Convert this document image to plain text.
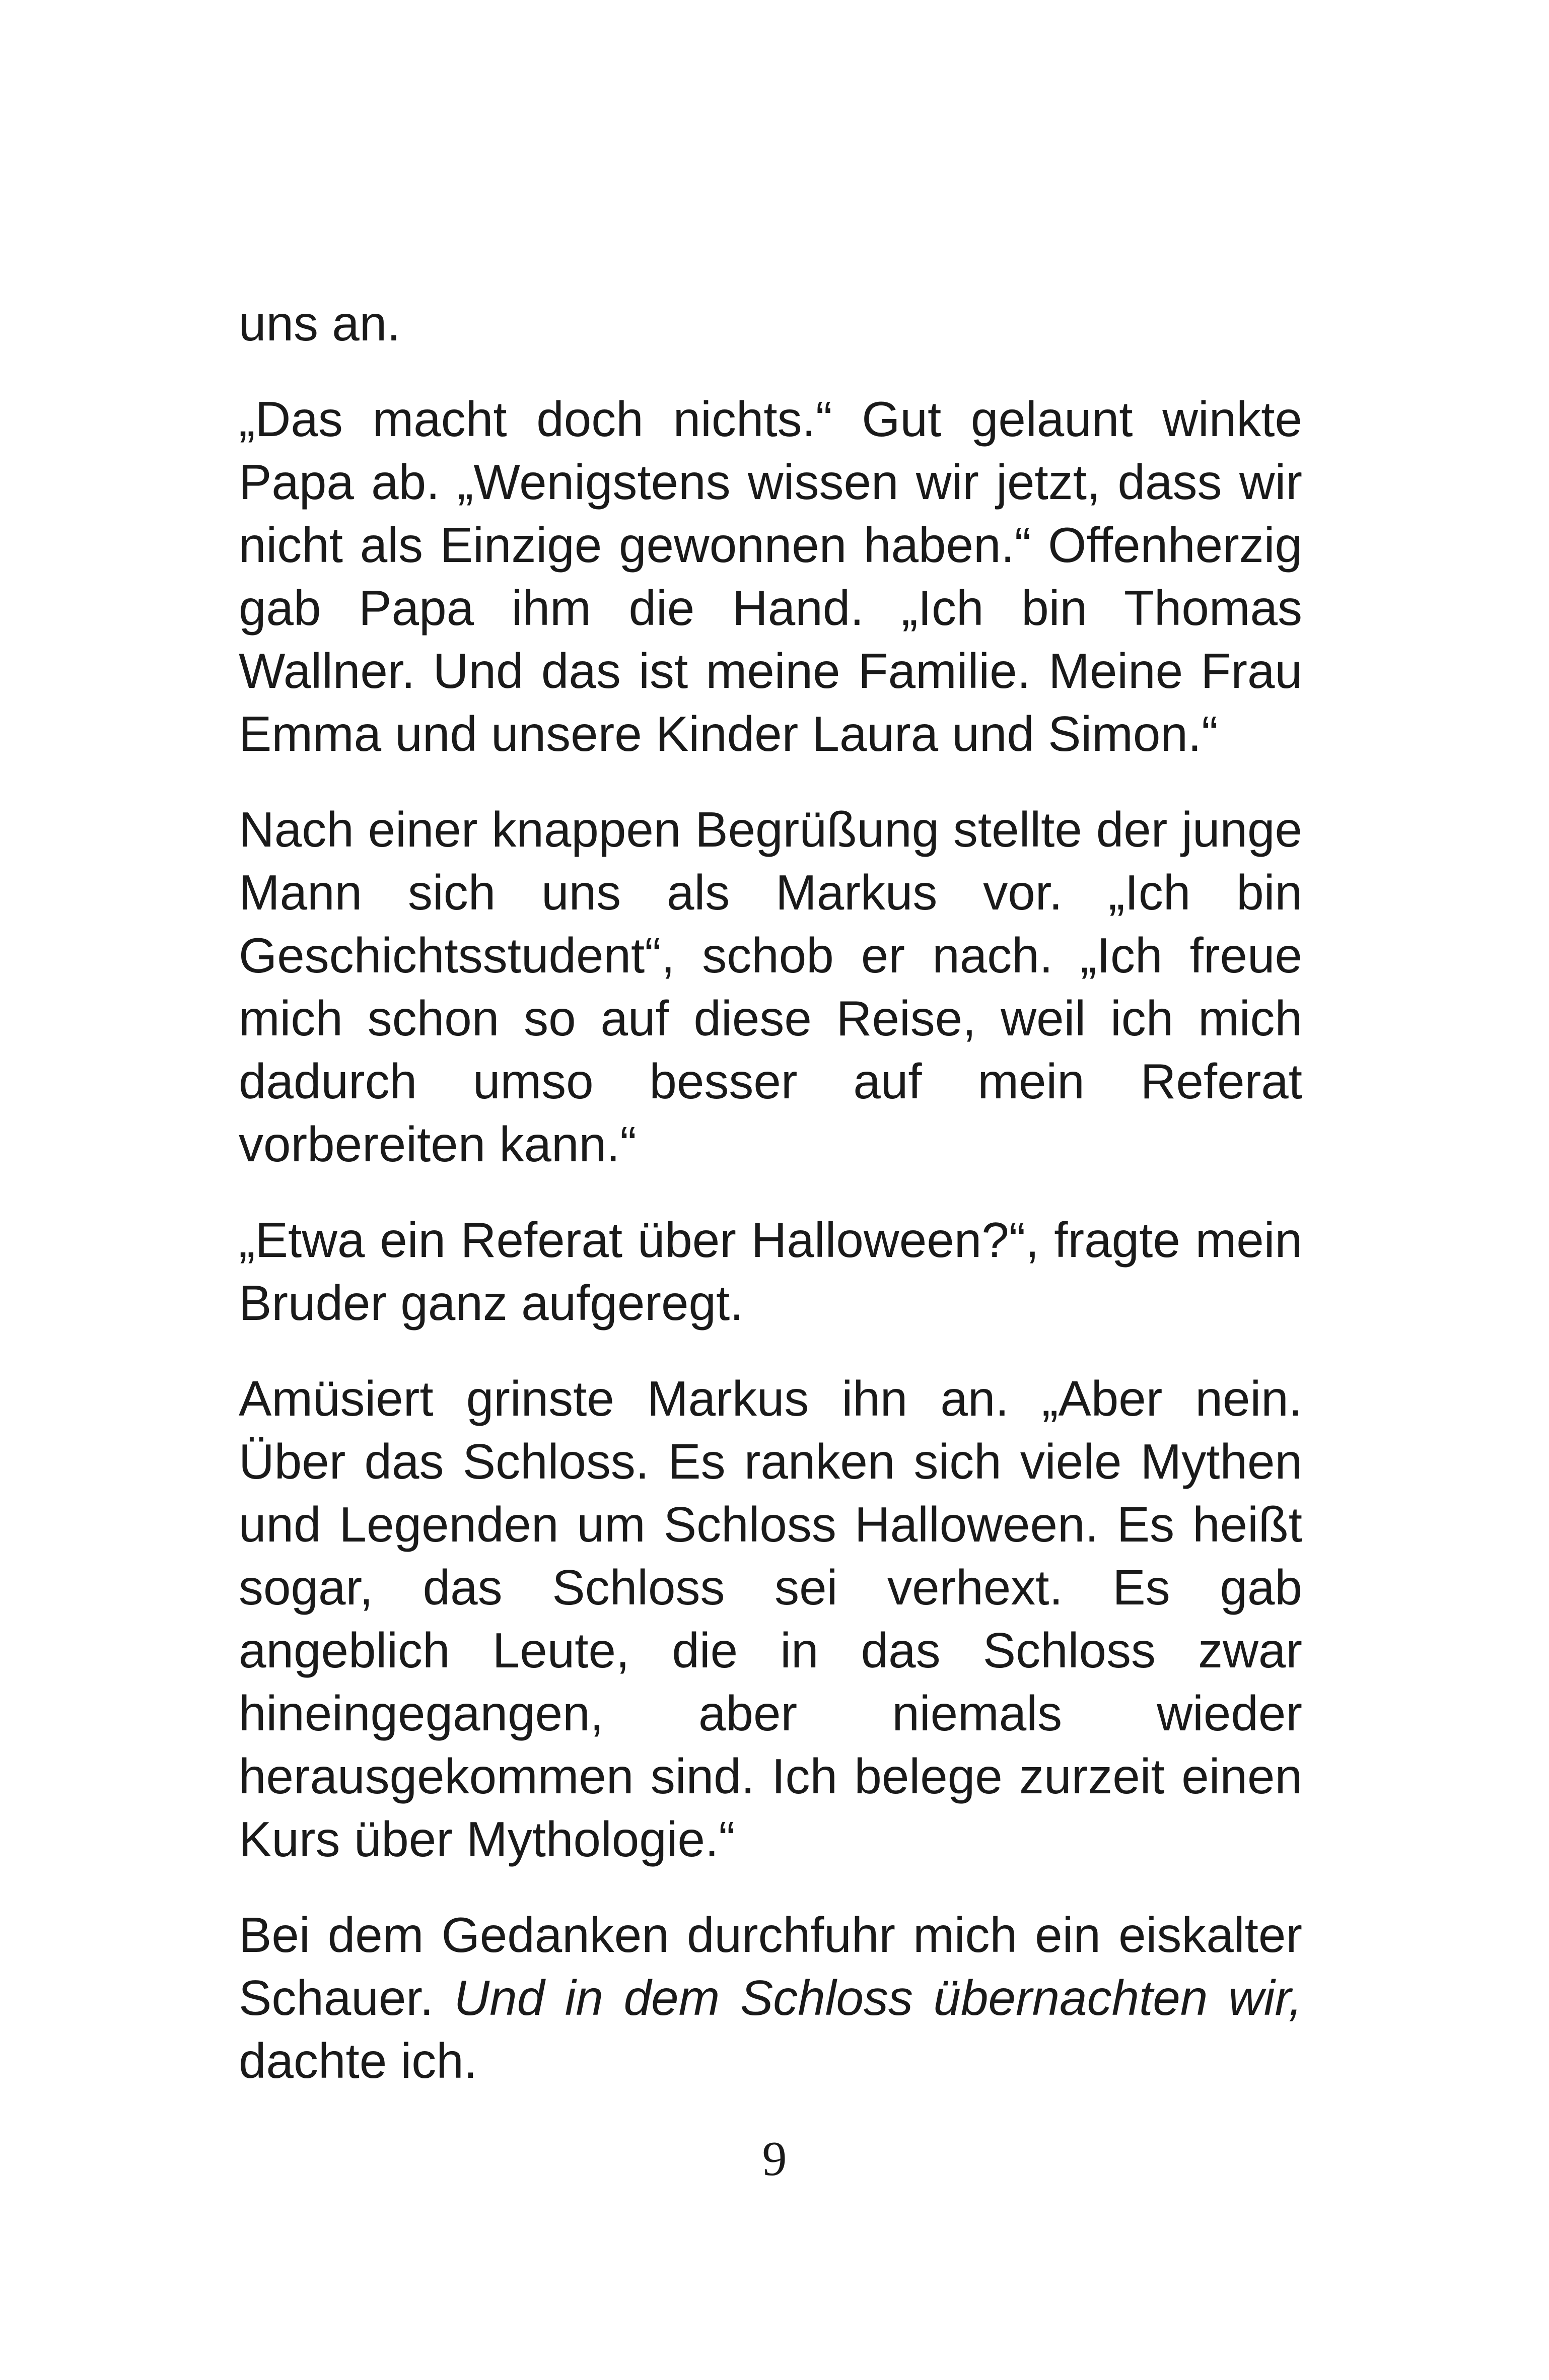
uns an.

„Das macht doch nichts.“ Gut gelaunt winkte Papa ab. „Wenigstens wissen wir jetzt, dass wir nicht als Einzige gewonnen haben.“ Offenherzig gab Papa ihm die Hand. „Ich bin Thomas Wallner. Und das ist meine Familie. Meine Frau Emma und unsere Kinder Laura und Simon.“

Nach einer knappen Begrüßung stellte der junge Mann sich uns als Markus vor. „Ich bin Geschichtsstudent“, schob er nach. „Ich freue mich schon so auf diese Reise, weil ich mich dadurch umso besser auf mein Referat vorbereiten kann.“

„Etwa ein Referat über Halloween?“, fragte mein Bruder ganz aufgeregt.

Amüsiert grinste Markus ihn an. „Aber nein. Über das Schloss. Es ranken sich viele Mythen und Legenden um Schloss Halloween. Es heißt sogar, das Schloss sei verhext. Es gab angeblich Leute, die in das Schloss zwar hineingegangen, aber niemals wieder herausgekommen sind. Ich belege zurzeit einen Kurs über Mythologie.“

Bei dem Gedanken durchfuhr mich ein eiskalter Schauer. Und in dem Schloss übernachten wir, dachte ich.

9
